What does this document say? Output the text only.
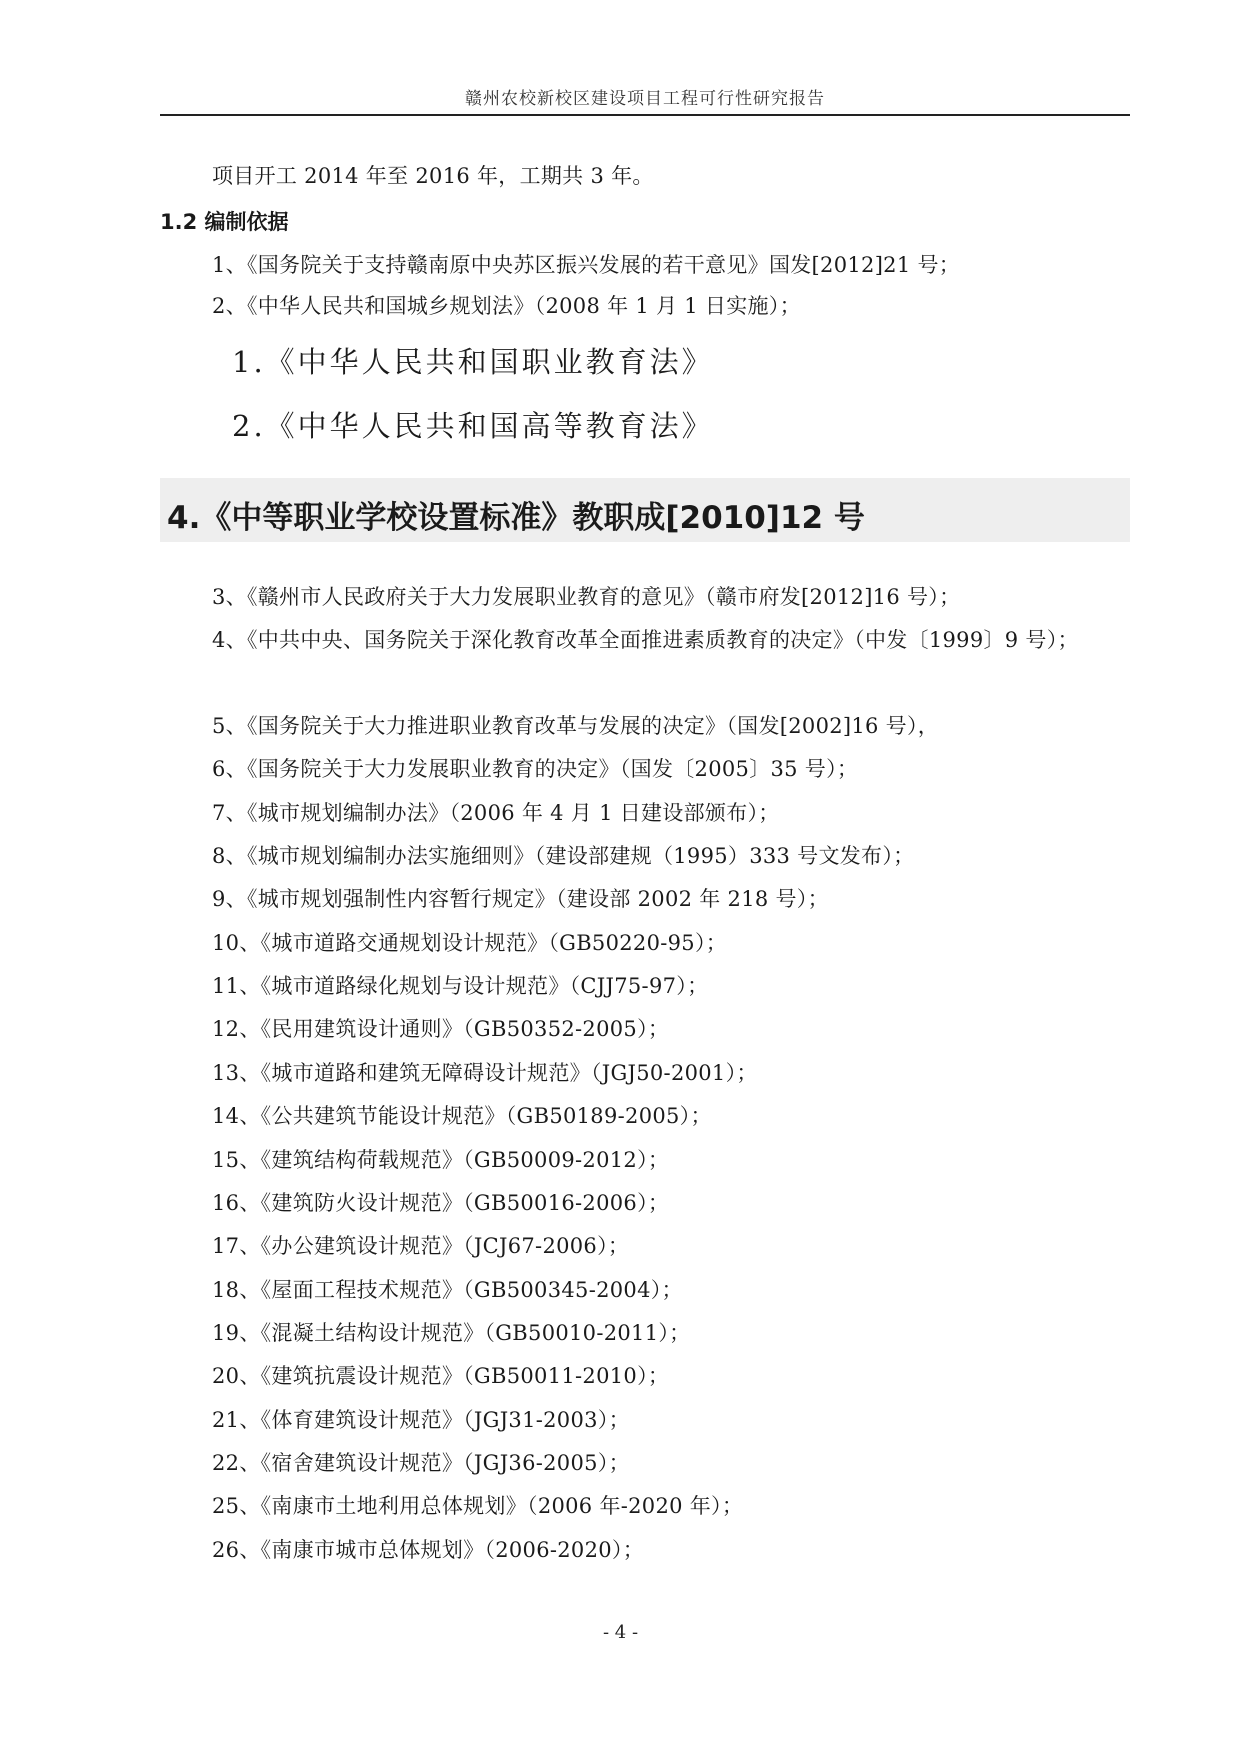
赣州农校新校区建设项目工程可行性研究报告
项目开工 2014 年至 2016 年，工期共 3 年。
1.2 编制依据
1、《国务院关于支持赣南原中央苏区振兴发展的若干意见》国发[2012]21 号；
2、《中华人民共和国城乡规划法》（2008 年 1 月 1 日实施）；
1.《中华人民共和国职业教育法》
2.《中华人民共和国高等教育法》
4.《中等职业学校设置标准》教职成[2010]12 号
3、《赣州市人民政府关于大力发展职业教育的意见》（赣市府发[2012]16 号）；
4、《中共中央、国务院关于深化教育改革全面推进素质教育的决定》（中发〔1999〕9 号）；
5、《国务院关于大力推进职业教育改革与发展的决定》（国发[2002]16 号），
6、《国务院关于大力发展职业教育的决定》（国发〔2005〕35 号）；
7、《城市规划编制办法》（2006 年 4 月 1 日建设部颁布）；
8、《城市规划编制办法实施细则》（建设部建规（1995）333 号文发布）；
9、《城市规划强制性内容暂行规定》（建设部 2002 年 218 号）；
10、《城市道路交通规划设计规范》（GB50220-95）；
11、《城市道路绿化规划与设计规范》（CJJ75-97）；
12、《民用建筑设计通则》（GB50352-2005）；
13、《城市道路和建筑无障碍设计规范》（JGJ50-2001）；
14、《公共建筑节能设计规范》（GB50189-2005）；
15、《建筑结构荷载规范》（GB50009-2012）；
16、《建筑防火设计规范》（GB50016-2006）；
17、《办公建筑设计规范》（JCJ67-2006）；
18、《屋面工程技术规范》（GB500345-2004）；
19、《混凝土结构设计规范》（GB50010-2011）；
20、《建筑抗震设计规范》（GB50011-2010）；
21、《体育建筑设计规范》（JGJ31-2003）；
22、《宿舍建筑设计规范》（JGJ36-2005）；
25、《南康市土地利用总体规划》（2006 年-2020 年）；
26、《南康市城市总体规划》（2006-2020）；
- 4 -
